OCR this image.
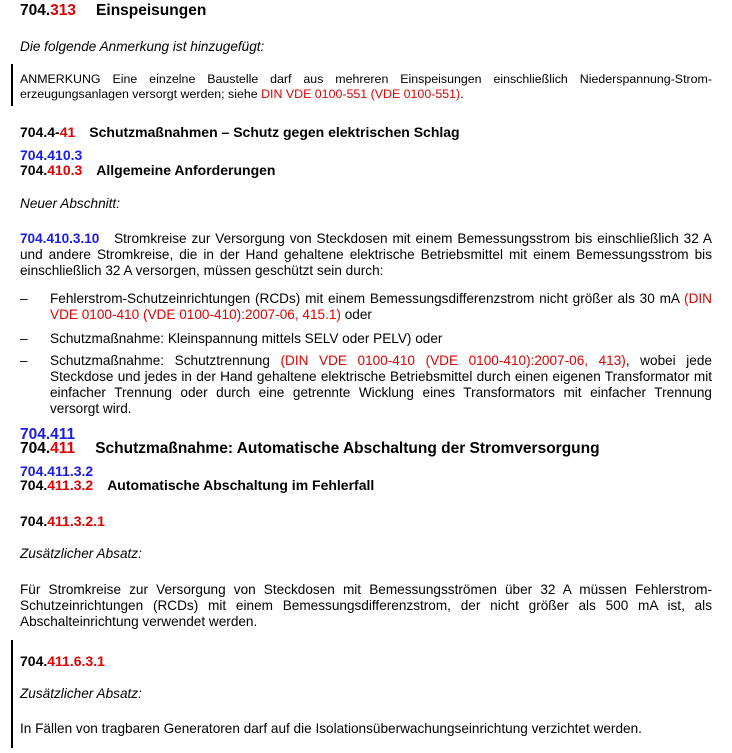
704.313 Einspeisungen
Die folgende Anmerkung ist hinzugefügt:
ANMERKUNG Eine einzelne Baustelle darf aus mehreren Einspeisungen einschließlich Niederspannung-Stromerzeugungsanlagen versorgt werden; siehe DIN VDE 0100-551 (VDE 0100-551).
704.4-41 Schutzmaßnahmen – Schutz gegen elektrischen Schlag
704.410.3
704.410.3 Allgemeine Anforderungen
Neuer Abschnitt:
704.410.3.10 Stromkreise zur Versorgung von Steckdosen mit einem Bemessungsstrom bis einschließlich 32 A und andere Stromkreise, die in der Hand gehaltene elektrische Betriebsmittel mit einem Bemessungsstrom bis einschließlich 32 A versorgen, müssen geschützt sein durch:
– Fehlerstrom-Schutzeinrichtungen (RCDs) mit einem Bemessungsdifferenzstrom nicht größer als 30 mA (DIN VDE 0100-410 (VDE 0100-410):2007-06, 415.1) oder
– Schutzmaßnahme: Kleinspannung mittels SELV oder PELV) oder
– Schutzmaßnahme: Schutztrennung (DIN VDE 0100-410 (VDE 0100-410):2007-06, 413), wobei jede Steckdose und jedes in der Hand gehaltene elektrische Betriebsmittel durch einen eigenen Transformator mit einfacher Trennung oder durch eine getrennte Wicklung eines Transformators mit einfacher Trennung versorgt wird.
704.411
704.411 Schutzmaßnahme: Automatische Abschaltung der Stromversorgung
704.411.3.2
704.411.3.2 Automatische Abschaltung im Fehlerfall
704.411.3.2.1
Zusätzlicher Absatz:
Für Stromkreise zur Versorgung von Steckdosen mit Bemessungsströmen über 32 A müssen Fehlerstrom-Schutzeinrichtungen (RCDs) mit einem Bemessungsdifferenzstrom, der nicht größer als 500 mA ist, als Abschalteinrichtung verwendet werden.
704.411.6.3.1
Zusätzlicher Absatz:
In Fällen von tragbaren Generatoren darf auf die Isolationsüberwachungseinrichtung verzichtet werden.
